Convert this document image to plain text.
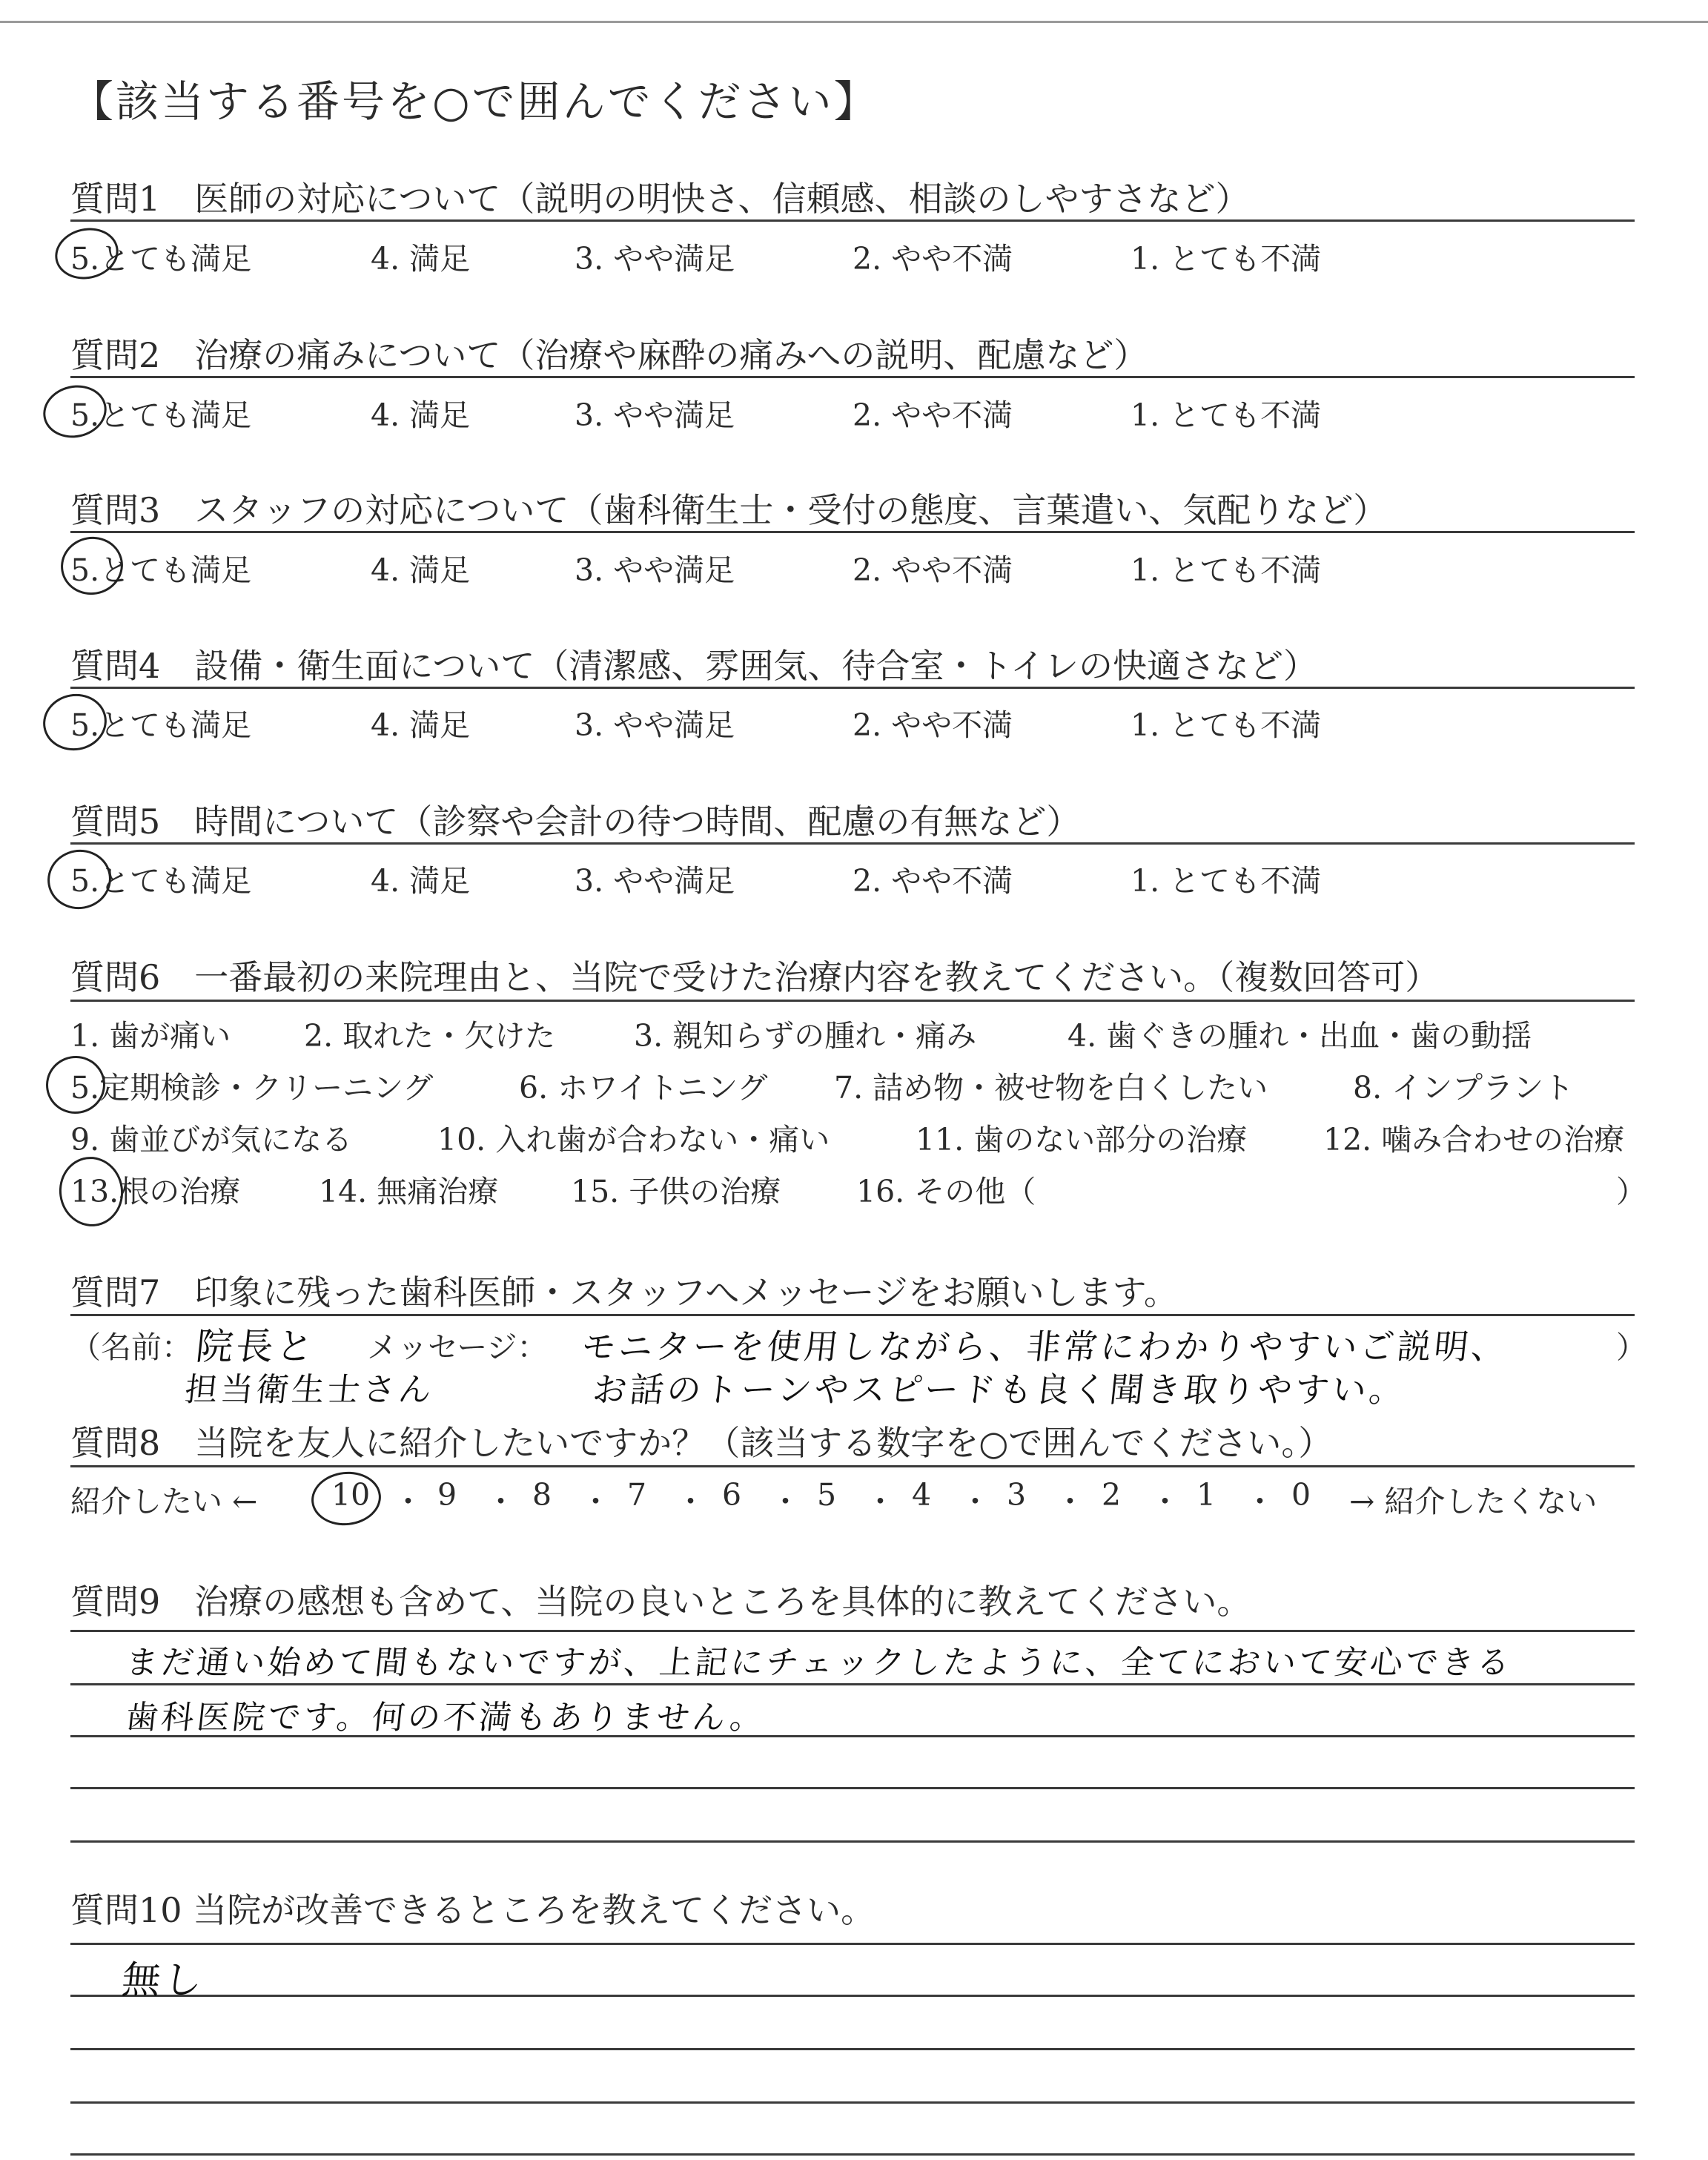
【該当する番号を○で囲んでください】
質問1　医師の対応について（説明の明快さ、信頼感、相談のしやすさなど）
5.とても満足	4. 満足	3. やや満足	2. やや不満	1. とても不満
質問2　治療の痛みについて（治療や麻酔の痛みへの説明、配慮など）
5.とても満足	4. 満足	3. やや満足	2. やや不満	1. とても不満
質問3　スタッフの対応について（歯科衛生士・受付の態度、言葉遣い、気配りなど）
5.とても満足	4. 満足	3. やや満足	2. やや不満	1. とても不満
質問4　設備・衛生面について（清潔感、雰囲気、待合室・トイレの快適さなど）
5.とても満足	4. 満足	3. やや満足	2. やや不満	1. とても不満
質問5　時間について（診察や会計の待つ時間、配慮の有無など）
5.とても満足	4. 満足	3. やや満足	2. やや不満	1. とても不満
質問6　一番最初の来院理由と、当院で受けた治療内容を教えてください。（複数回答可）
1. 歯が痛い 2. 取れた・欠けた	3. 親知らずの腫れ・痛み	4. 歯ぐきの腫れ・出血・歯の動揺
5.定期検診・クリーニング	6. ホワイトニング 7. 詰め物・被せ物を白くしたい	8. インプラント
9. 歯並びが気になる	10. 入れ歯が合わない・痛い	11. 歯のない部分の治療	12. 噛み合わせの治療
13.根の治療	14. 無痛治療 15. 子供の治療 16. その他（	）
質問7　印象に残った歯科医師・スタッフへメッセージをお願いします。
（名前： 院長と
担当衛生士さん
メッセージ： モニターを使用しながら、非常にわかりやすいご説明、
お話のトーンやスピードも良く聞き取りやすい。
）
質問8　当院を友人に紹介したいですか？（該当する数字を○で囲んでください。）
紹介したい ← 10 ・ 9 ・ 8 ・ 7 ・ 6 ・ 5 ・ 4 ・ 3 ・ 2 ・ 1 ・ 0 → 紹介したくない
質問9　治療の感想も含めて、当院の良いところを具体的に教えてください。
まだ通い始めて間もないですが、上記にチェックしたように、全てにおいて安心できる
歯科医院です。何の不満もありません。
質問10 当院が改善できるところを教えてください。
無し
